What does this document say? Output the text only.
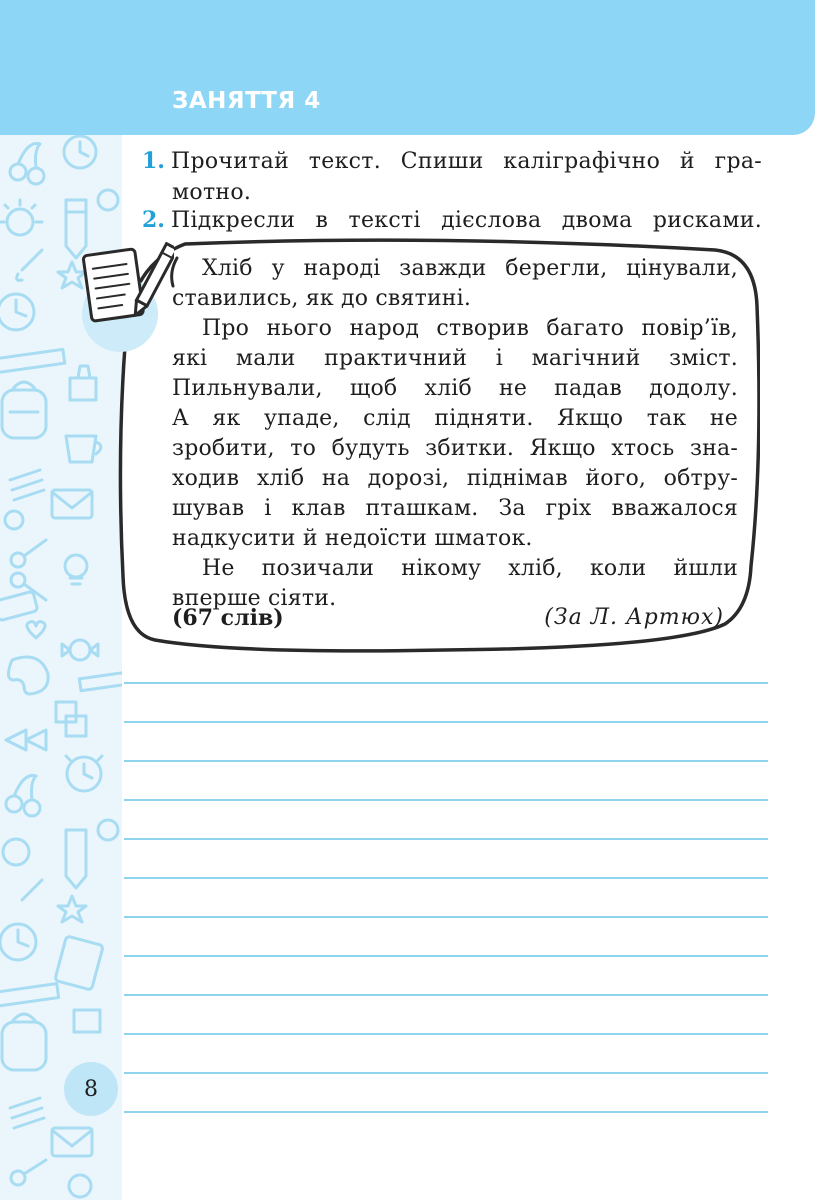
ЗАНЯТТЯ 4
1. Прочитай текст. Спиши каліграфічно й гра-
мотно.
2. Підкресли в тексті дієслова двома рисками.
Хліб у народі завжди берегли, цінували,
ставились, як до святині.
Про нього народ створив багато повір’їв,
які мали практичний і магічний зміст.
Пильнували, щоб хліб не падав додолу.
А як упаде, слід підняти. Якщо так не
зробити, то будуть збитки. Якщо хтось зна-
ходив хліб на дорозі, піднімав його, обтру-
шував і клав пташкам. За гріх вважалося
надкусити й недоїсти шматок.
Не позичали нікому хліб, коли йшли
вперше сіяти.
(67 слів)	(За Л. Артюх)
8
